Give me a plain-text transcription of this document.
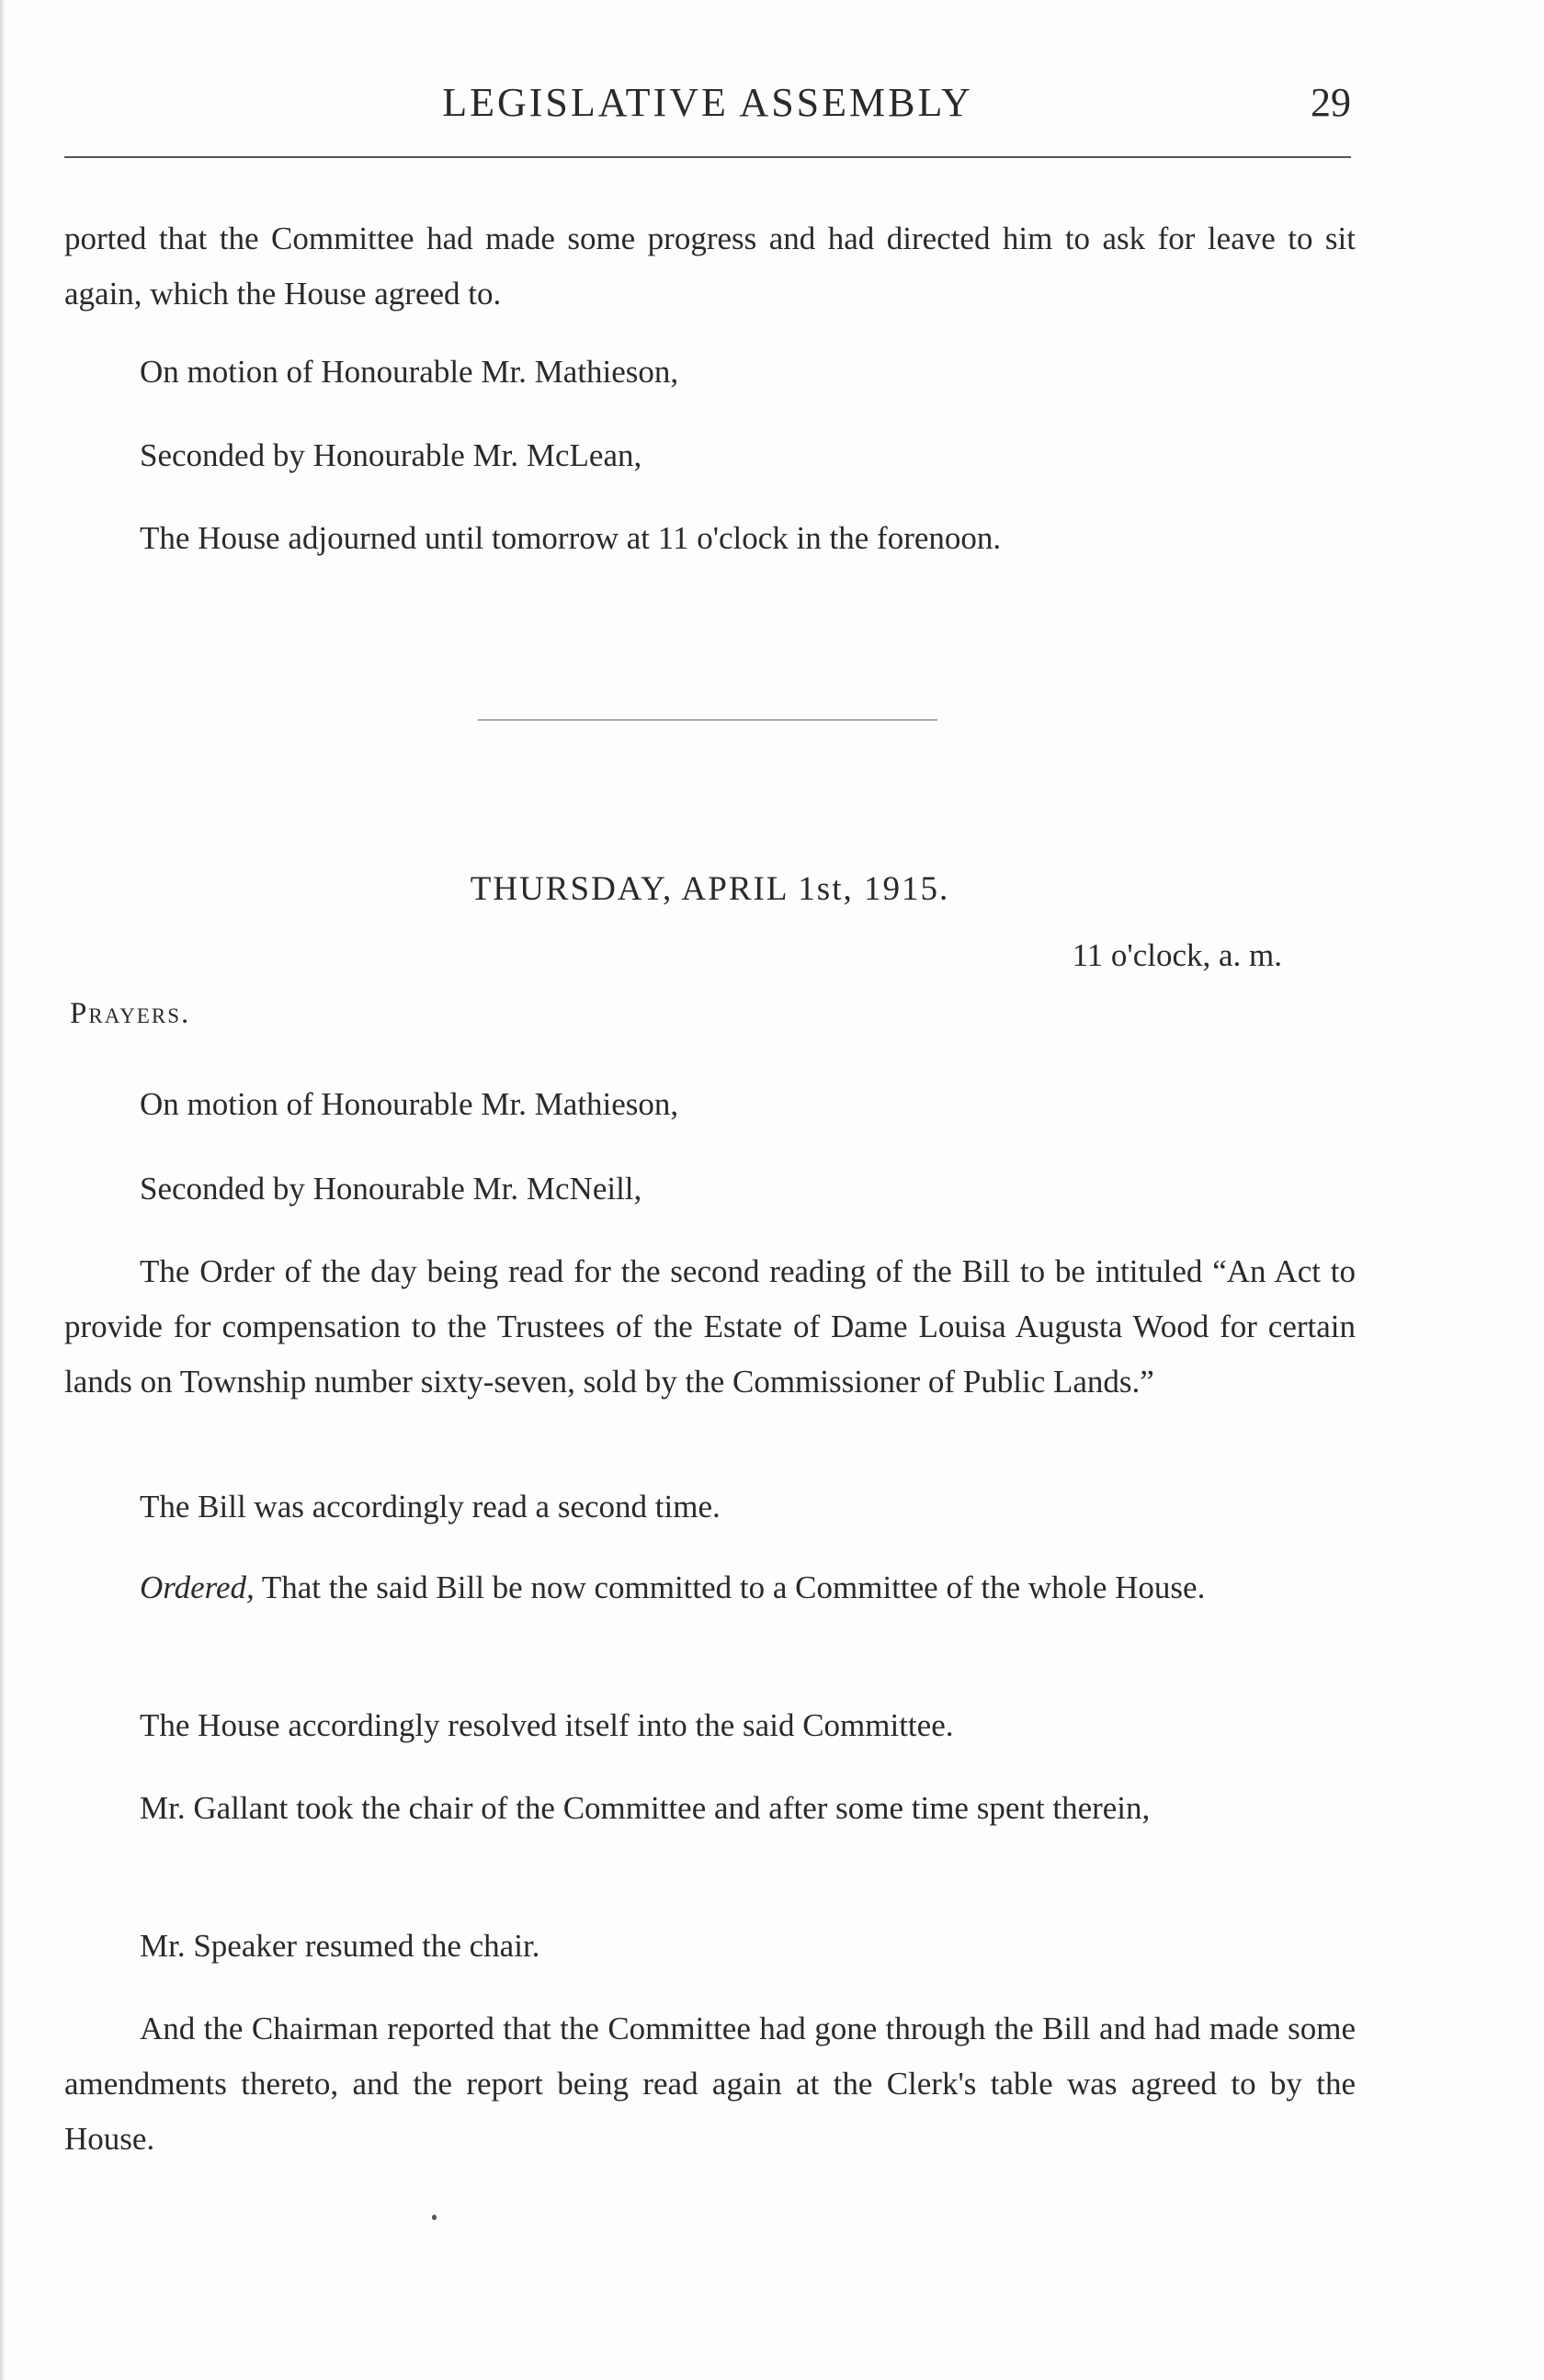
LEGISLATIVE ASSEMBLY	29

ported that the Committee had made some progress and had directed him to ask for leave to sit again, which the House agreed to.

On motion of Honourable Mr. Mathieson,

Seconded by Honourable Mr. McLean,

The House adjourned until tomorrow at 11 o'clock in the forenoon.

THURSDAY, APRIL 1st, 1915.
11 o'clock, a. m.
Prayers.

On motion of Honourable Mr. Mathieson,

Seconded by Honourable Mr. McNeill,

The Order of the day being read for the second reading of the Bill to be intituled “An Act to provide for compensation to the Trustees of the Estate of Dame Louisa Augusta Wood for certain lands on Township number sixty-seven, sold by the Commissioner of Public Lands.”

The Bill was accordingly read a second time.

Ordered, That the said Bill be now committed to a Committee of the whole House.

The House accordingly resolved itself into the said Committee.

Mr. Gallant took the chair of the Committee and after some time spent therein,

Mr. Speaker resumed the chair.

And the Chairman reported that the Committee had gone through the Bill and had made some amendments thereto, and the report being read again at the Clerk's table was agreed to by the House.
